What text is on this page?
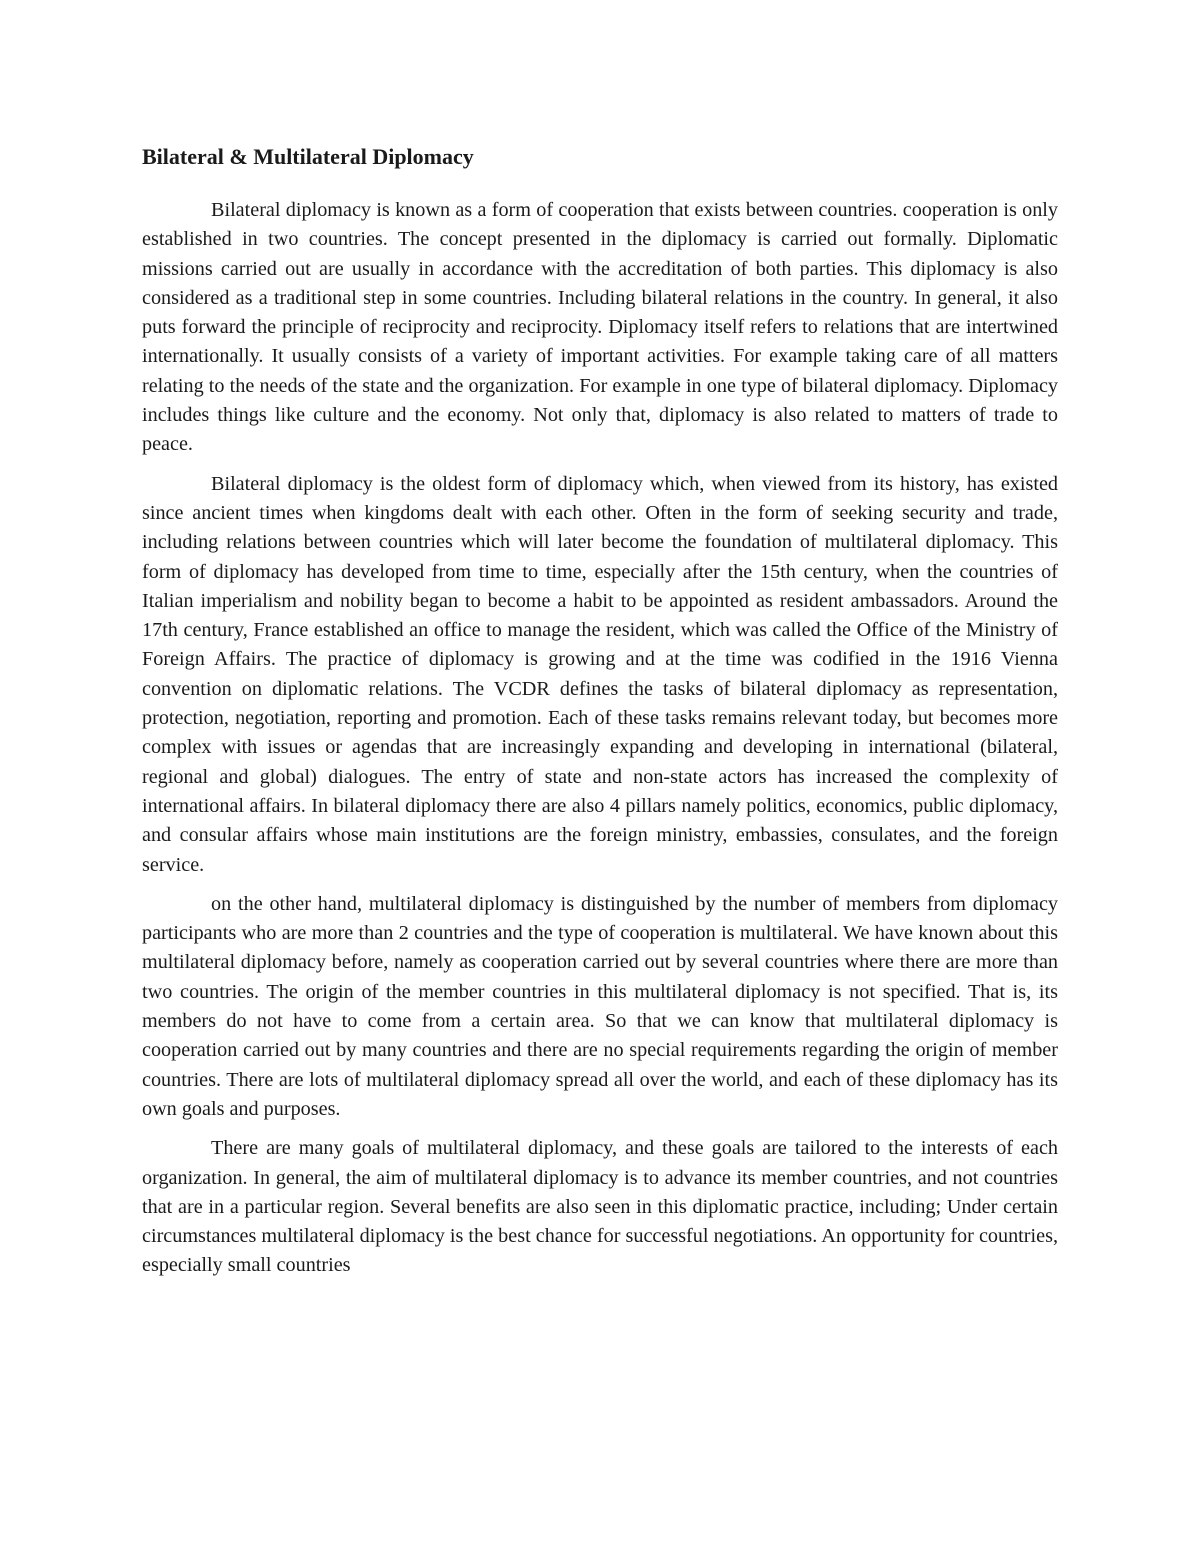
Bilateral & Multilateral Diplomacy

Bilateral diplomacy is known as a form of cooperation that exists between countries. cooperation is only established in two countries. The concept presented in the diplomacy is carried out formally. Diplomatic missions carried out are usually in accordance with the accreditation of both parties. This diplomacy is also considered as a traditional step in some countries. Including bilateral relations in the country. In general, it also puts forward the principle of reciprocity and reciprocity. Diplomacy itself refers to relations that are intertwined internationally. It usually consists of a variety of important activities. For example taking care of all matters relating to the needs of the state and the organization. For example in one type of bilateral diplomacy. Diplomacy includes things like culture and the economy. Not only that, diplomacy is also related to matters of trade to peace.

Bilateral diplomacy is the oldest form of diplomacy which, when viewed from its history, has existed since ancient times when kingdoms dealt with each other. Often in the form of seeking security and trade, including relations between countries which will later become the foundation of multilateral diplomacy. This form of diplomacy has developed from time to time, especially after the 15th century, when the countries of Italian imperialism and nobility began to become a habit to be appointed as resident ambassadors. Around the 17th century, France established an office to manage the resident, which was called the Office of the Ministry of Foreign Affairs. The practice of diplomacy is growing and at the time was codified in the 1916 Vienna convention on diplomatic relations. The VCDR defines the tasks of bilateral diplomacy as representation, protection, negotiation, reporting and promotion. Each of these tasks remains relevant today, but becomes more complex with issues or agendas that are increasingly expanding and developing in international (bilateral, regional and global) dialogues. The entry of state and non-state actors has increased the complexity of international affairs. In bilateral diplomacy there are also 4 pillars namely politics, economics, public diplomacy, and consular affairs whose main institutions are the foreign ministry, embassies, consulates, and the foreign service.

on the other hand, multilateral diplomacy is distinguished by the number of members from diplomacy participants who are more than 2 countries and the type of cooperation is multilateral. We have known about this multilateral diplomacy before, namely as cooperation carried out by several countries where there are more than two countries. The origin of the member countries in this multilateral diplomacy is not specified. That is, its members do not have to come from a certain area. So that we can know that multilateral diplomacy is cooperation carried out by many countries and there are no special requirements regarding the origin of member countries. There are lots of multilateral diplomacy spread all over the world, and each of these diplomacy has its own goals and purposes.

There are many goals of multilateral diplomacy, and these goals are tailored to the interests of each organization. In general, the aim of multilateral diplomacy is to advance its member countries, and not countries that are in a particular region. Several benefits are also seen in this diplomatic practice, including; Under certain circumstances multilateral diplomacy is the best chance for successful negotiations. An opportunity for countries, especially small countries
